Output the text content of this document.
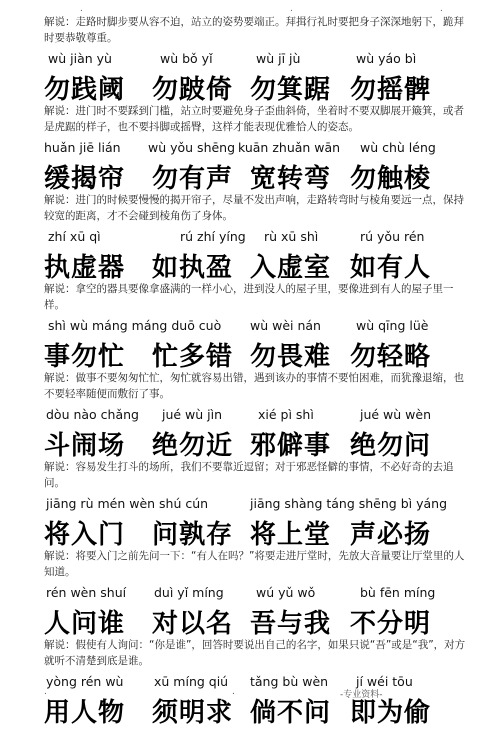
.	.	.

解说：走路时脚步要从容不迫，站立的姿势要端正。拜揖行礼时要把身子深深地躬下，跪拜时要恭敬尊重。

wù jiàn yù	wù bǒ yǐ	wù jī jù	wù yáo bì
勿践阈 勿跛倚 勿箕踞 勿摇髀

解说：进门时不要踩到门槛，站立时要避免身子歪曲斜倚，坐着时不要双脚展开簸箕，或者是虎踞的样子，也不要抖脚或摇臀，这样才能表现优雅恰人的姿态。

huǎn jiē lián wù yǒu shēng kuān zhuǎn wān wù chù léng
缓揭帘 勿有声 宽转弯 勿触棱

解说：进门的时候要慢慢的揭开帘子，尽量不发出声响，走路转弯时与棱角要远一点，保持较宽的距离，才不会碰到棱角伤了身体。

zhí xū qì	rú zhí yíng rù xū shì	rú yǒu rén
执虚器 如执盈 入虚室 如有人

解说：拿空的器具要像拿盛满的一样小心，进到没人的屋子里，要像进到有人的屋子里一样。

shì wù máng máng duō cuò wù wèi nán	wù qīng lüè
事勿忙 忙多错 勿畏难 勿轻略

解说：做事不要匆匆忙忙，匆忙就容易出错，遇到该办的事情不要怕困难，而犹豫退缩，也不要轻率随便而敷衍了事。

dòu nào chǎng jué wù jìn	xié pì shì	jué wù wèn
斗闹场 绝勿近 邪僻事 绝勿问

解说：容易发生打斗的场所，我们不要靠近逗留；对于邪恶怪僻的事情，不必好奇的去追问。

jiāng rù mén wèn shú cún	jiāng shàng táng shēng bì yáng
将入门 问孰存 将上堂 声必扬

解说：将要入门之前先问一下：“有人在吗？”将要走进厅堂时，先放大音量要让厅堂里的人知道。

rén wèn shuí duì yǐ míng	wú yǔ wǒ	bù fēn míng
人问谁 对以名 吾与我 不分明

解说：假使有人询问：“你是谁”，回答时要说出自己的名字，如果只说“吾”或是“我”，对方就听不清楚到底是谁。

yòng rén wù xū míng qiú tǎng bù wèn jí wéi tōu
用人物 须明求 倘不问 即为偷
.	.	-专业资料-
